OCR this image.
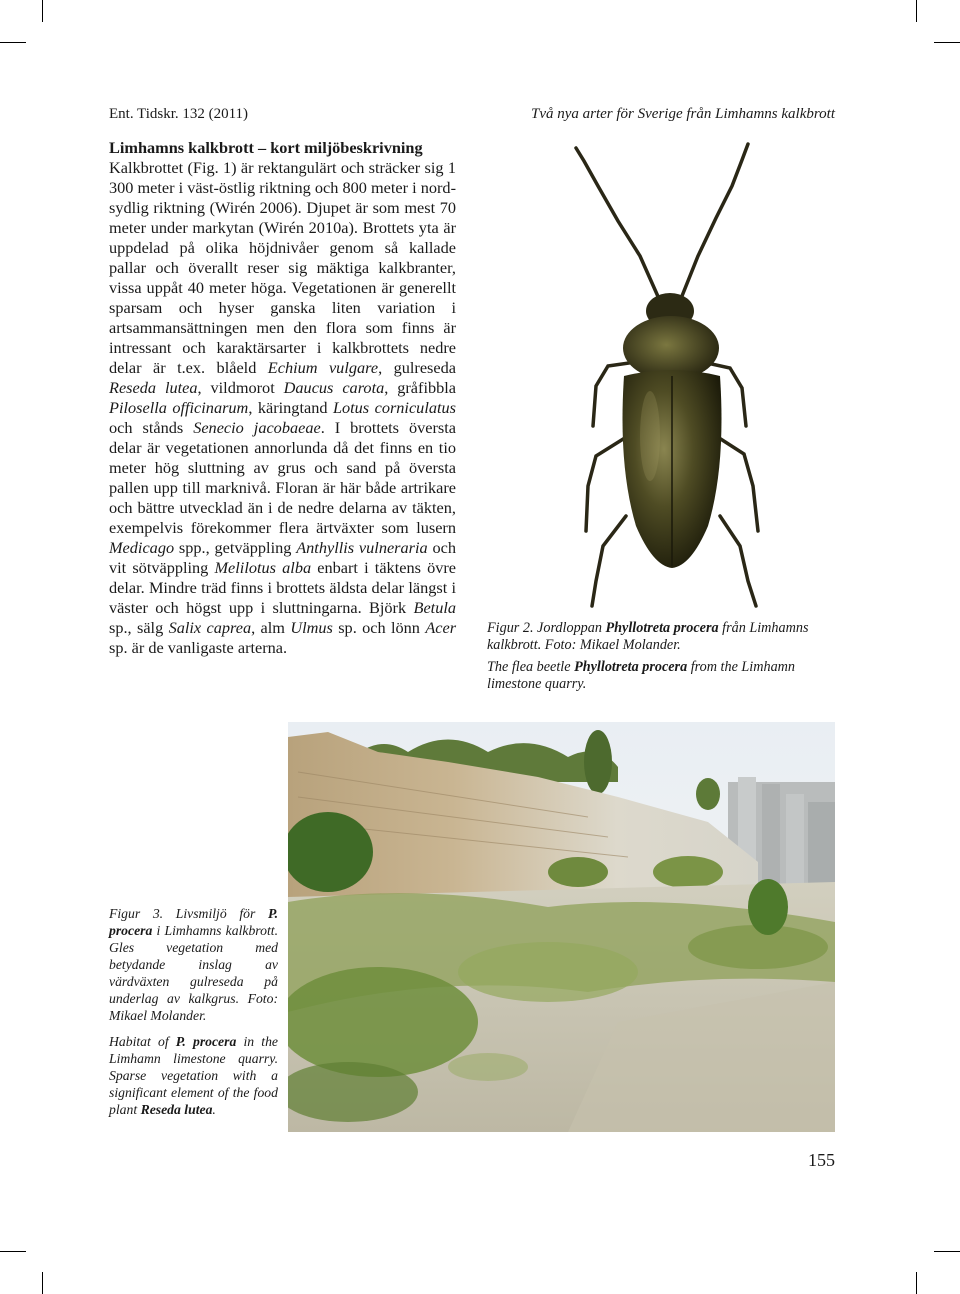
Ent. Tidskr. 132 (2011)	Två nya arter för Sverige från Limhamns kalkbrott
Limhamns kalkbrott – kort miljöbeskrivning

Kalkbrottet (Fig. 1) är rektangulärt och sträcker sig 1 300 meter i väst-östlig riktning och 800 meter i nord-sydlig riktning (Wirén 2006). Djupet är som mest 70 meter under markytan (Wirén 2010a). Brottets yta är uppdelad på olika höjdnivåer genom så kallade pallar och överallt reser sig mäktiga kalkbranter, vissa uppåt 40 meter höga. Vegetationen är generellt sparsam och hyser ganska liten variation i artsammansättningen men den flora som finns är intressant och karaktärsarter i kalkbrottets nedre delar är t.ex. blåeld Echium vulgare, gulreseda Reseda lutea, vildmorot Daucus carota, gråfibbla Pilosella officinarum, käringtand Lotus corniculatus och stånds Senecio jacobaeae. I brottets översta delar är vegetationen annorlunda då det finns en tio meter hög sluttning av grus och sand på översta pallen upp till marknivå. Floran är här både artrikare och bättre utvecklad än i de nedre delarna av täkten, exempelvis förekommer flera ärtväxter som lusern Medicago spp., getväppling Anthyllis vulneraria och vit sötväppling Melilotus alba enbart i täktens övre delar. Mindre träd finns i brottets äldsta delar längst i väster och högst upp i sluttningarna. Björk Betula sp., sälg Salix caprea, alm Ulmus sp. och lönn Acer sp. är de vanligaste arterna.

Figur 2. Jordloppan Phyllotreta procera från Limhamns kalkbrott. Foto: Mikael Molander.

The flea beetle Phyllotreta procera from the Limhamn limestone quarry.

Figur 3. Livsmiljö för P. procera i Limhamns kalkbrott. Gles vegetation med betydande inslag av värdväxten gulreseda på underlag av kalkgrus. Foto: Mikael Molander.

Habitat of P. procera in the Limhamn limestone quarry. Sparse vegetation with a significant element of the food plant Reseda lutea.

155
